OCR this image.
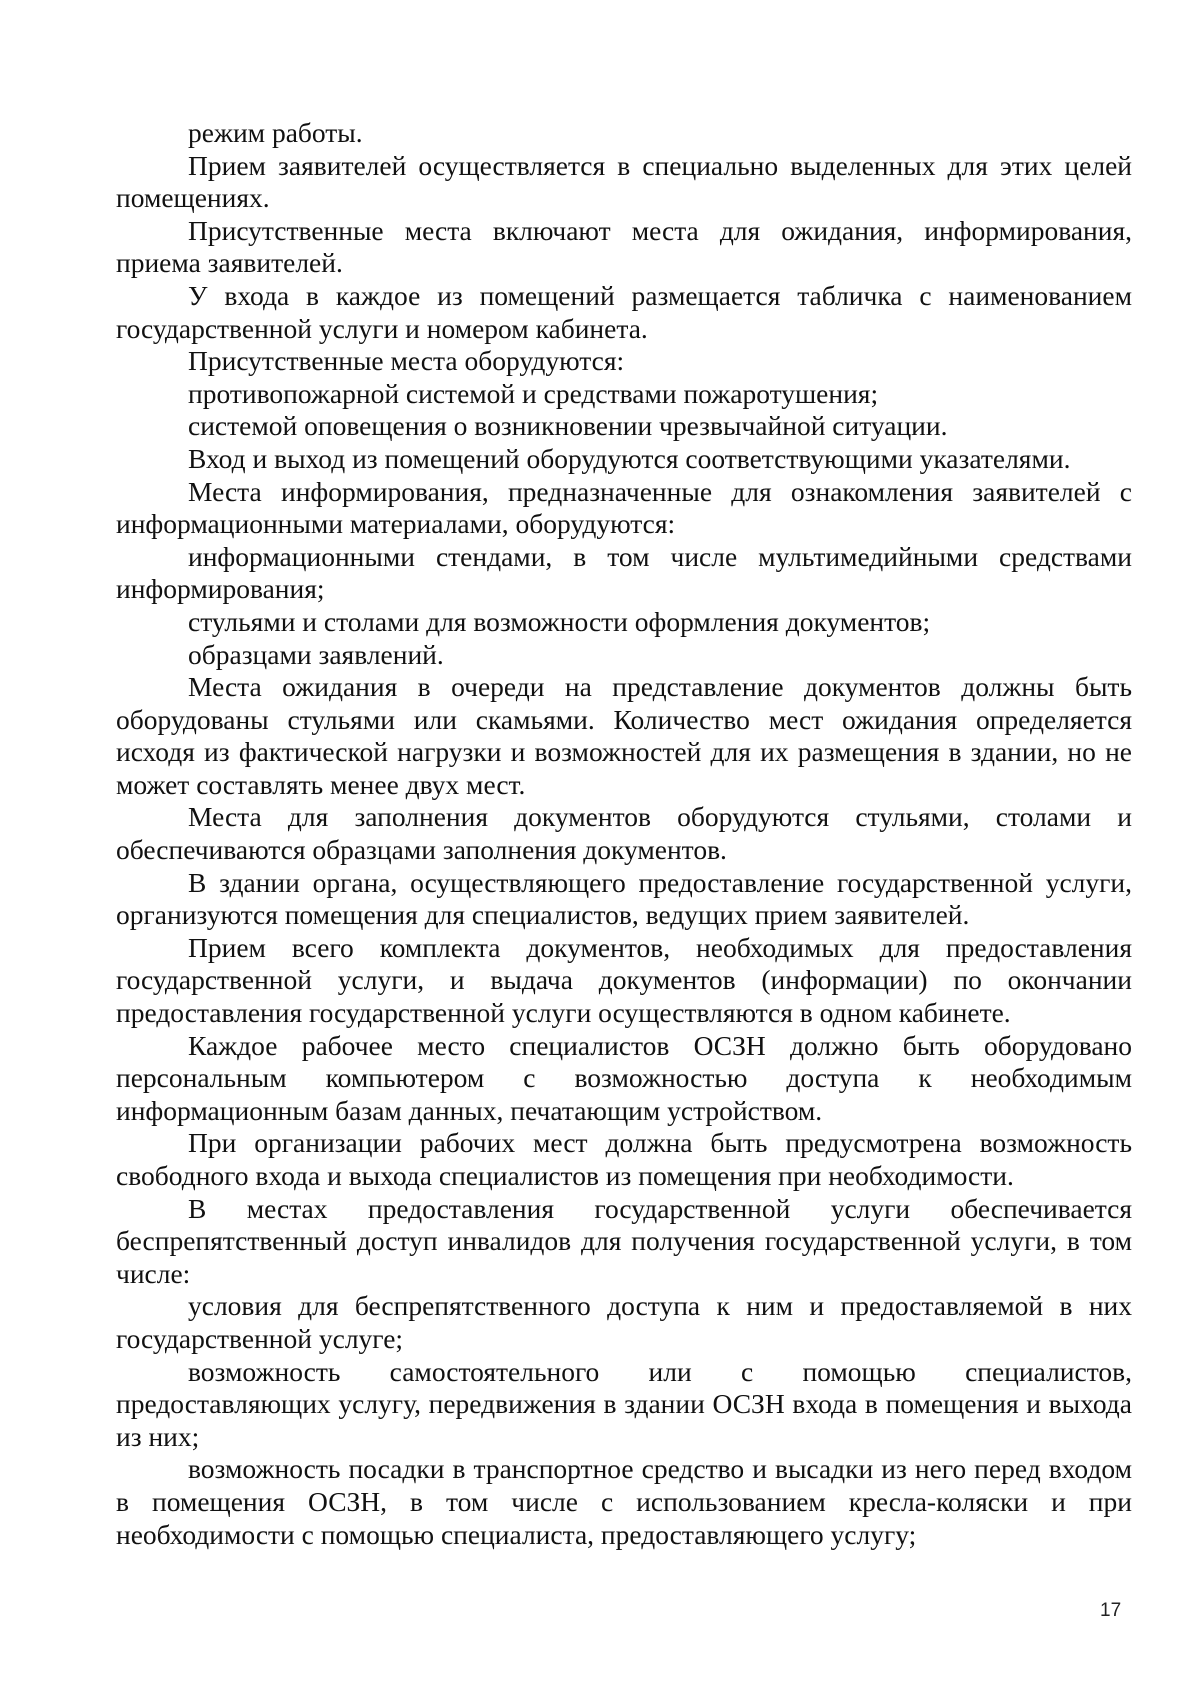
режим работы.

Прием заявителей осуществляется в специально выделенных для этих целей помещениях.

Присутственные места включают места для ожидания, информирования, приема заявителей.

У входа в каждое из помещений размещается табличка с наименованием государственной услуги и номером кабинета.

Присутственные места оборудуются:

противопожарной системой и средствами пожаротушения;

системой оповещения о возникновении чрезвычайной ситуации.

Вход и выход из помещений оборудуются соответствующими указателями.

Места информирования, предназначенные для ознакомления заявителей с информационными материалами, оборудуются:

информационными стендами, в том числе мультимедийными средствами информирования;

стульями и столами для возможности оформления документов;

образцами заявлений.

Места ожидания в очереди на представление документов должны быть оборудованы стульями или скамьями. Количество мест ожидания определяется исходя из фактической нагрузки и возможностей для их размещения в здании, но не может составлять менее двух мест.

Места для заполнения документов оборудуются стульями, столами и обеспечиваются образцами заполнения документов.

В здании органа, осуществляющего предоставление государственной услуги, организуются помещения для специалистов, ведущих прием заявителей.

Прием всего комплекта документов, необходимых для предоставления государственной услуги, и выдача документов (информации) по окончании предоставления государственной услуги осуществляются в одном кабинете.

Каждое рабочее место специалистов ОСЗН должно быть оборудовано персональным компьютером с возможностью доступа к необходимым информационным базам данных, печатающим устройством.

При организации рабочих мест должна быть предусмотрена возможность свободного входа и выхода специалистов из помещения при необходимости.

В местах предоставления государственной услуги обеспечивается беспрепятственный доступ инвалидов для получения государственной услуги, в том числе:

условия для беспрепятственного доступа к ним и предоставляемой в них государственной услуге;

возможность самостоятельного или с помощью специалистов, предоставляющих услугу, передвижения в здании ОСЗН входа в помещения и выхода из них;

возможность посадки в транспортное средство и высадки из него перед входом в помещения ОСЗН, в том числе с использованием кресла-коляски и при необходимости с помощью специалиста, предоставляющего услугу;

17
